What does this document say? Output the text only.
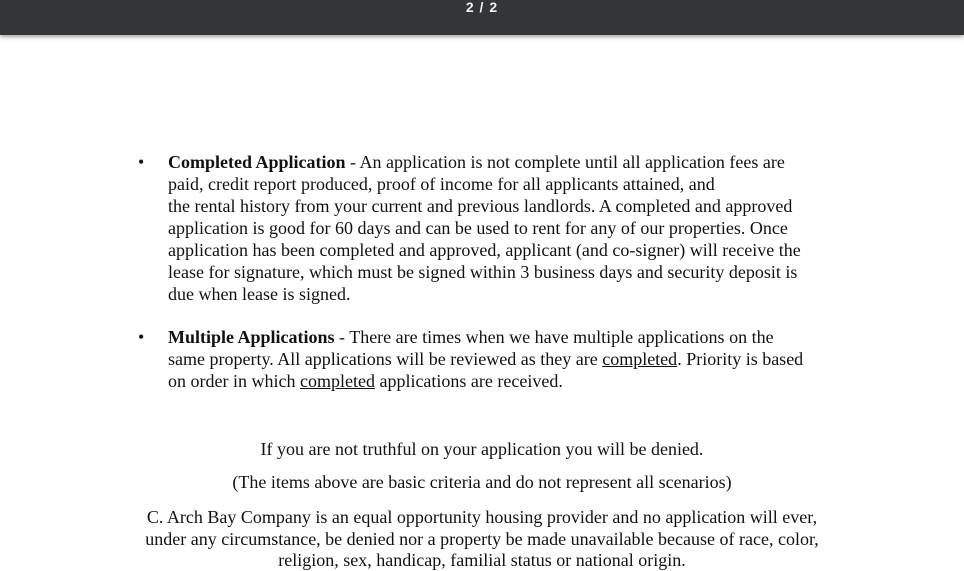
2 / 2
• Completed Application - An application is not complete until all application fees are
paid, credit report produced, proof of income for all applicants attained, and
the rental history from your current and previous landlords. A completed and approved
application is good for 60 days and can be used to rent for any of our properties. Once
application has been completed and approved, applicant (and co-signer) will receive the
lease for signature, which must be signed within 3 business days and security deposit is
due when lease is signed.
• Multiple Applications - There are times when we have multiple applications on the
same property. All applications will be reviewed as they are completed. Priority is based
on order in which completed applications are received.
If you are not truthful on your application you will be denied.
(The items above are basic criteria and do not represent all scenarios)
C. Arch Bay Company is an equal opportunity housing provider and no application will ever,
under any circumstance, be denied nor a property be made unavailable because of race, color,
religion, sex, handicap, familial status or national origin.
